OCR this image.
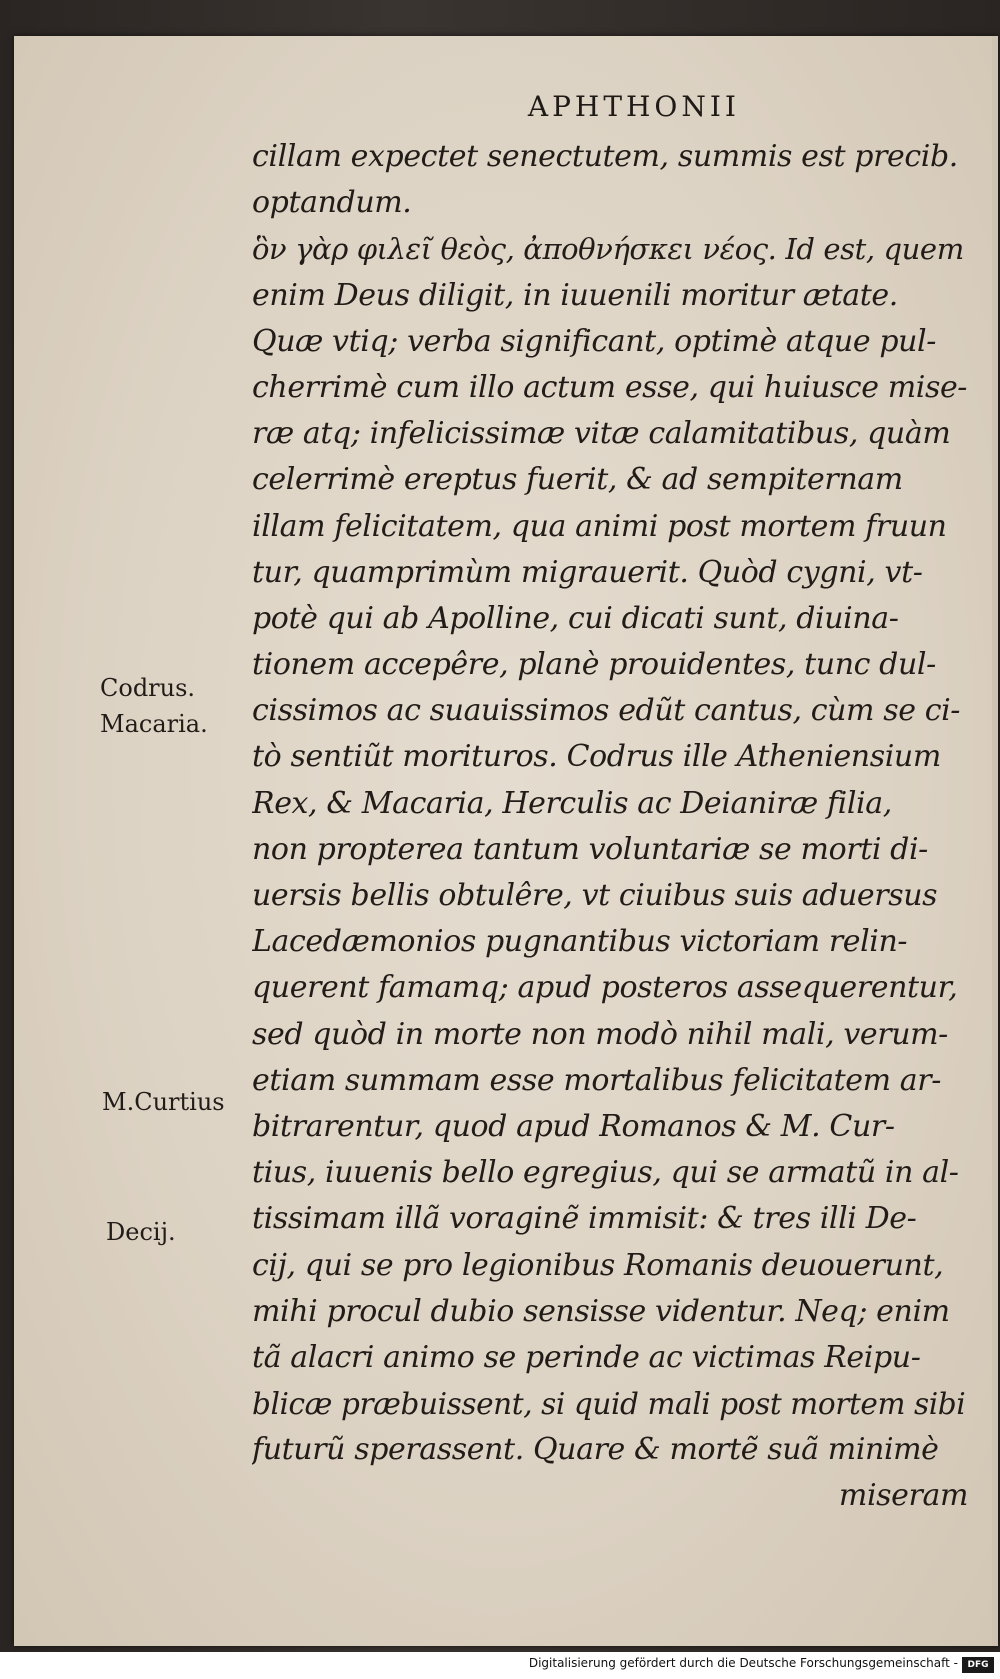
APHTHONII
cillam expectet senectutem, summis est precib.
optandum.
ὃν γὰρ φιλεῖ θεὸς, ἀποθνήσκει νέος. Id est, quem
enim Deus diligit, in iuuenili moritur ætate.
Quæ vtiq; verba significant, optimè atque pul-
cherrimè cum illo actum esse, qui huiusce mise-
ræ atq; infelicissimæ vitæ calamitatibus, quàm
celerrimè ereptus fuerit, & ad sempiternam
illam felicitatem, qua animi post mortem fruun
tur, quamprimùm migrauerit. Quòd cygni, vt-
potè qui ab Apolline, cui dicati sunt, diuina-
tionem accepêre, planè prouidentes, tunc dul-
cissimos ac suauissimos edũt cantus, cùm se ci-
tò sentiũt morituros. Codrus ille Atheniensium
Rex, & Macaria, Herculis ac Deianiræ filia,
non propterea tantum voluntariæ se morti di-
uersis bellis obtulêre, vt ciuibus suis aduersus
Lacedæmonios pugnantibus victoriam relin-
querent famamq; apud posteros assequerentur,
sed quòd in morte non modò nihil mali, verum-
etiam summam esse mortalibus felicitatem ar-
bitrarentur, quod apud Romanos & M. Cur-
tius, iuuenis bello egregius, qui se armatũ in al-
tissimam illã voraginẽ immisit: & tres illi De-
cij, qui se pro legionibus Romanis deuouerunt,
mihi procul dubio sensisse videntur. Neq; enim
tã alacri animo se perinde ac victimas Reipu-
blicæ præbuissent, si quid mali post mortem sibi
futurũ sperassent. Quare & mortẽ suã minimè
miseram
Codrus.
Macaria.
M.Curtius
Decij.
Digitalisierung gefördert durch die Deutsche Forschungsgemeinschaft -	DFG
